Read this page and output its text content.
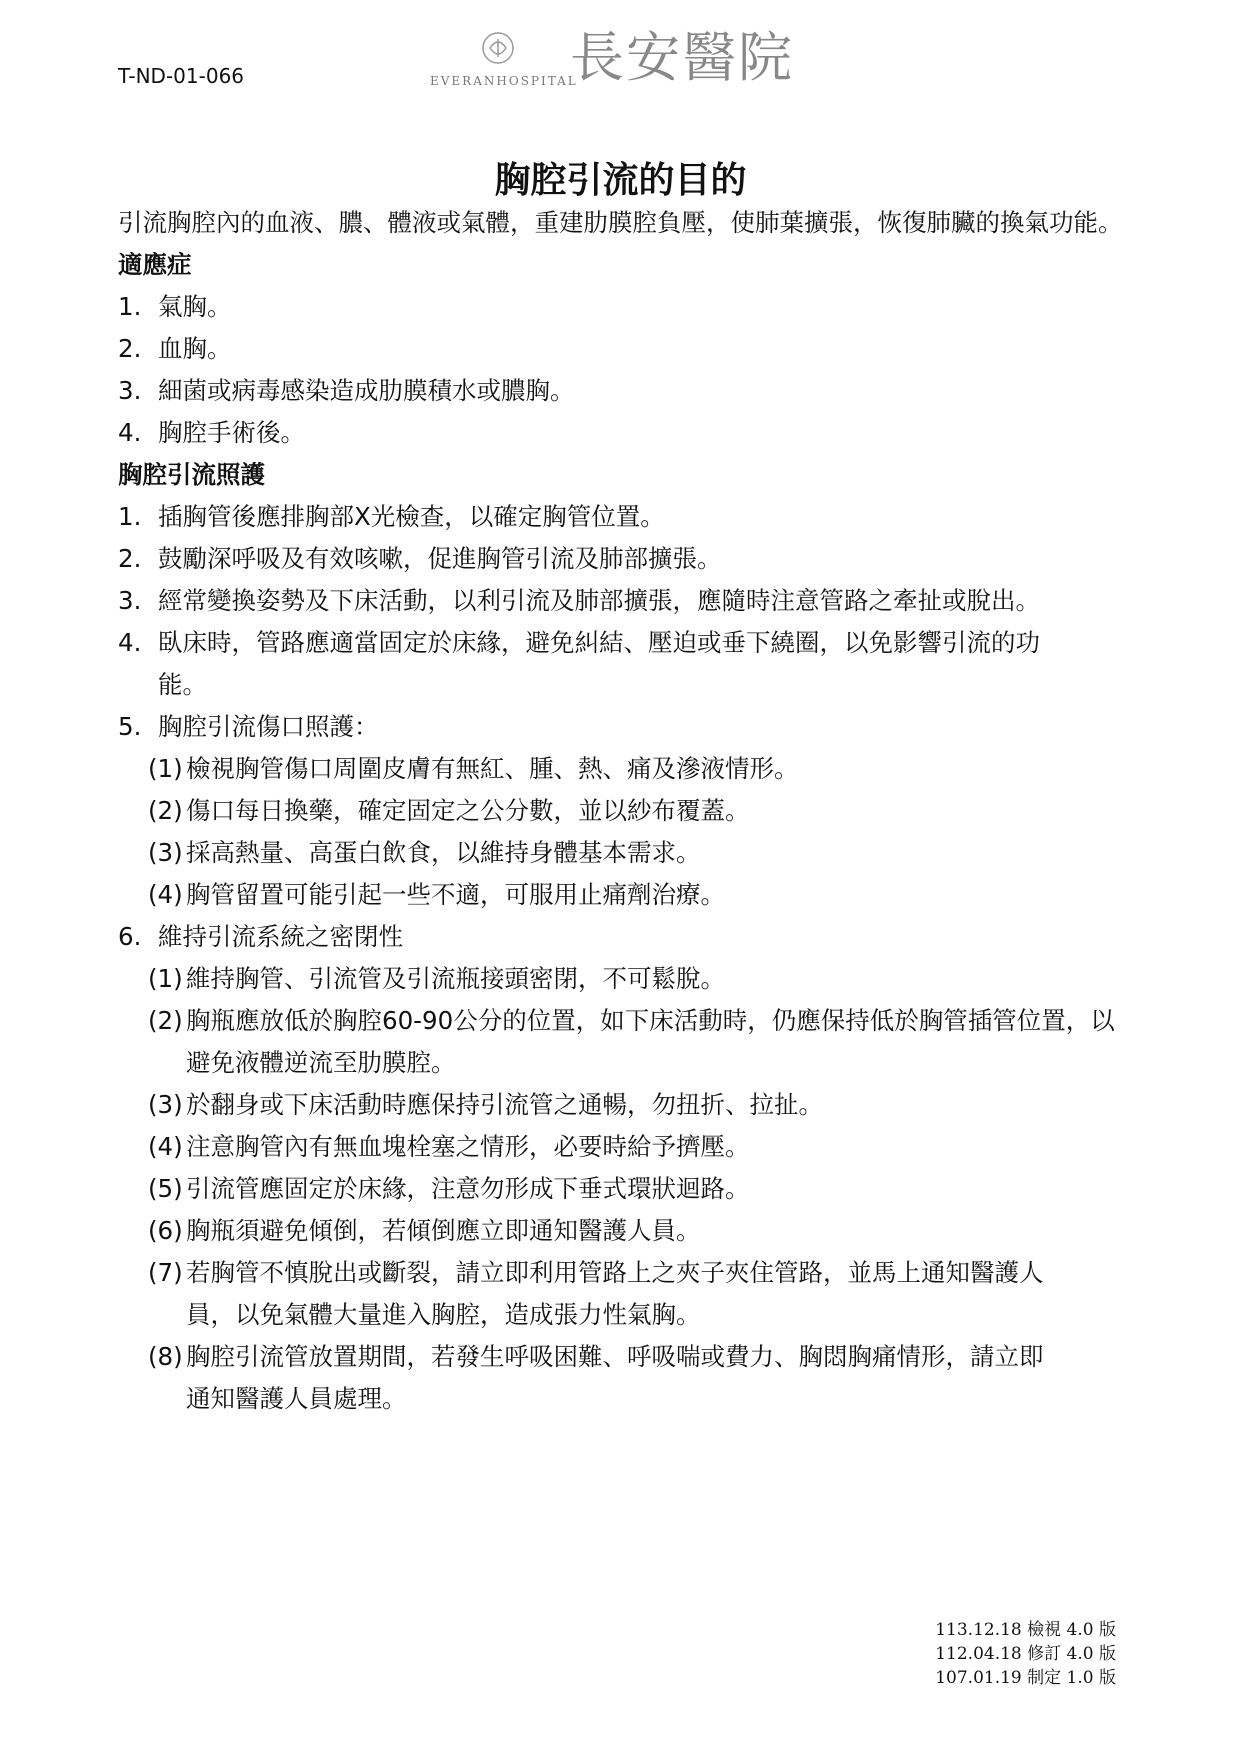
T-ND-01-066	EVERANHOSPITAL
長安醫院
胸腔引流的目的

引流胸腔內的血液、膿、體液或氣體，重建肋膜腔負壓，使肺葉擴張，恢復肺臟的換氣功能。

適應症
1. 氣胸。
2. 血胸。
3. 細菌或病毒感染造成肋膜積水或膿胸。
4. 胸腔手術後。
胸腔引流照護
1. 插胸管後應排胸部X光檢查，以確定胸管位置。
2. 鼓勵深呼吸及有效咳嗽，促進胸管引流及肺部擴張。
3. 經常變換姿勢及下床活動，以利引流及肺部擴張，應隨時注意管路之牽扯或脫出。
4. 臥床時，管路應適當固定於床緣，避免糾結、壓迫或垂下繞圈，以免影響引流的功能。
5. 胸腔引流傷口照護：
(1) 檢視胸管傷口周圍皮膚有無紅、腫、熱、痛及滲液情形。
(2) 傷口每日換藥，確定固定之公分數，並以紗布覆蓋。
(3) 採高熱量、高蛋白飲食，以維持身體基本需求。
(4) 胸管留置可能引起一些不適，可服用止痛劑治療。
6. 維持引流系統之密閉性
(1) 維持胸管、引流管及引流瓶接頭密閉，不可鬆脫。
(2) 胸瓶應放低於胸腔60-90公分的位置，如下床活動時，仍應保持低於胸管插管位置，以避免液體逆流至肋膜腔。
(3) 於翻身或下床活動時應保持引流管之通暢，勿扭折、拉扯。
(4) 注意胸管內有無血塊栓塞之情形，必要時給予擠壓。
(5) 引流管應固定於床緣，注意勿形成下垂式環狀迴路。
(6) 胸瓶須避免傾倒，若傾倒應立即通知醫護人員。
(7) 若胸管不慎脫出或斷裂，請立即利用管路上之夾子夾住管路，並馬上通知醫護人員，以免氣體大量進入胸腔，造成張力性氣胸。
(8) 胸腔引流管放置期間，若發生呼吸困難、呼吸喘或費力、胸悶胸痛情形，請立即通知醫護人員處理。
113.12.18 檢視 4.0 版
112.04.18 修訂 4.0 版
107.01.19 制定 1.0 版
